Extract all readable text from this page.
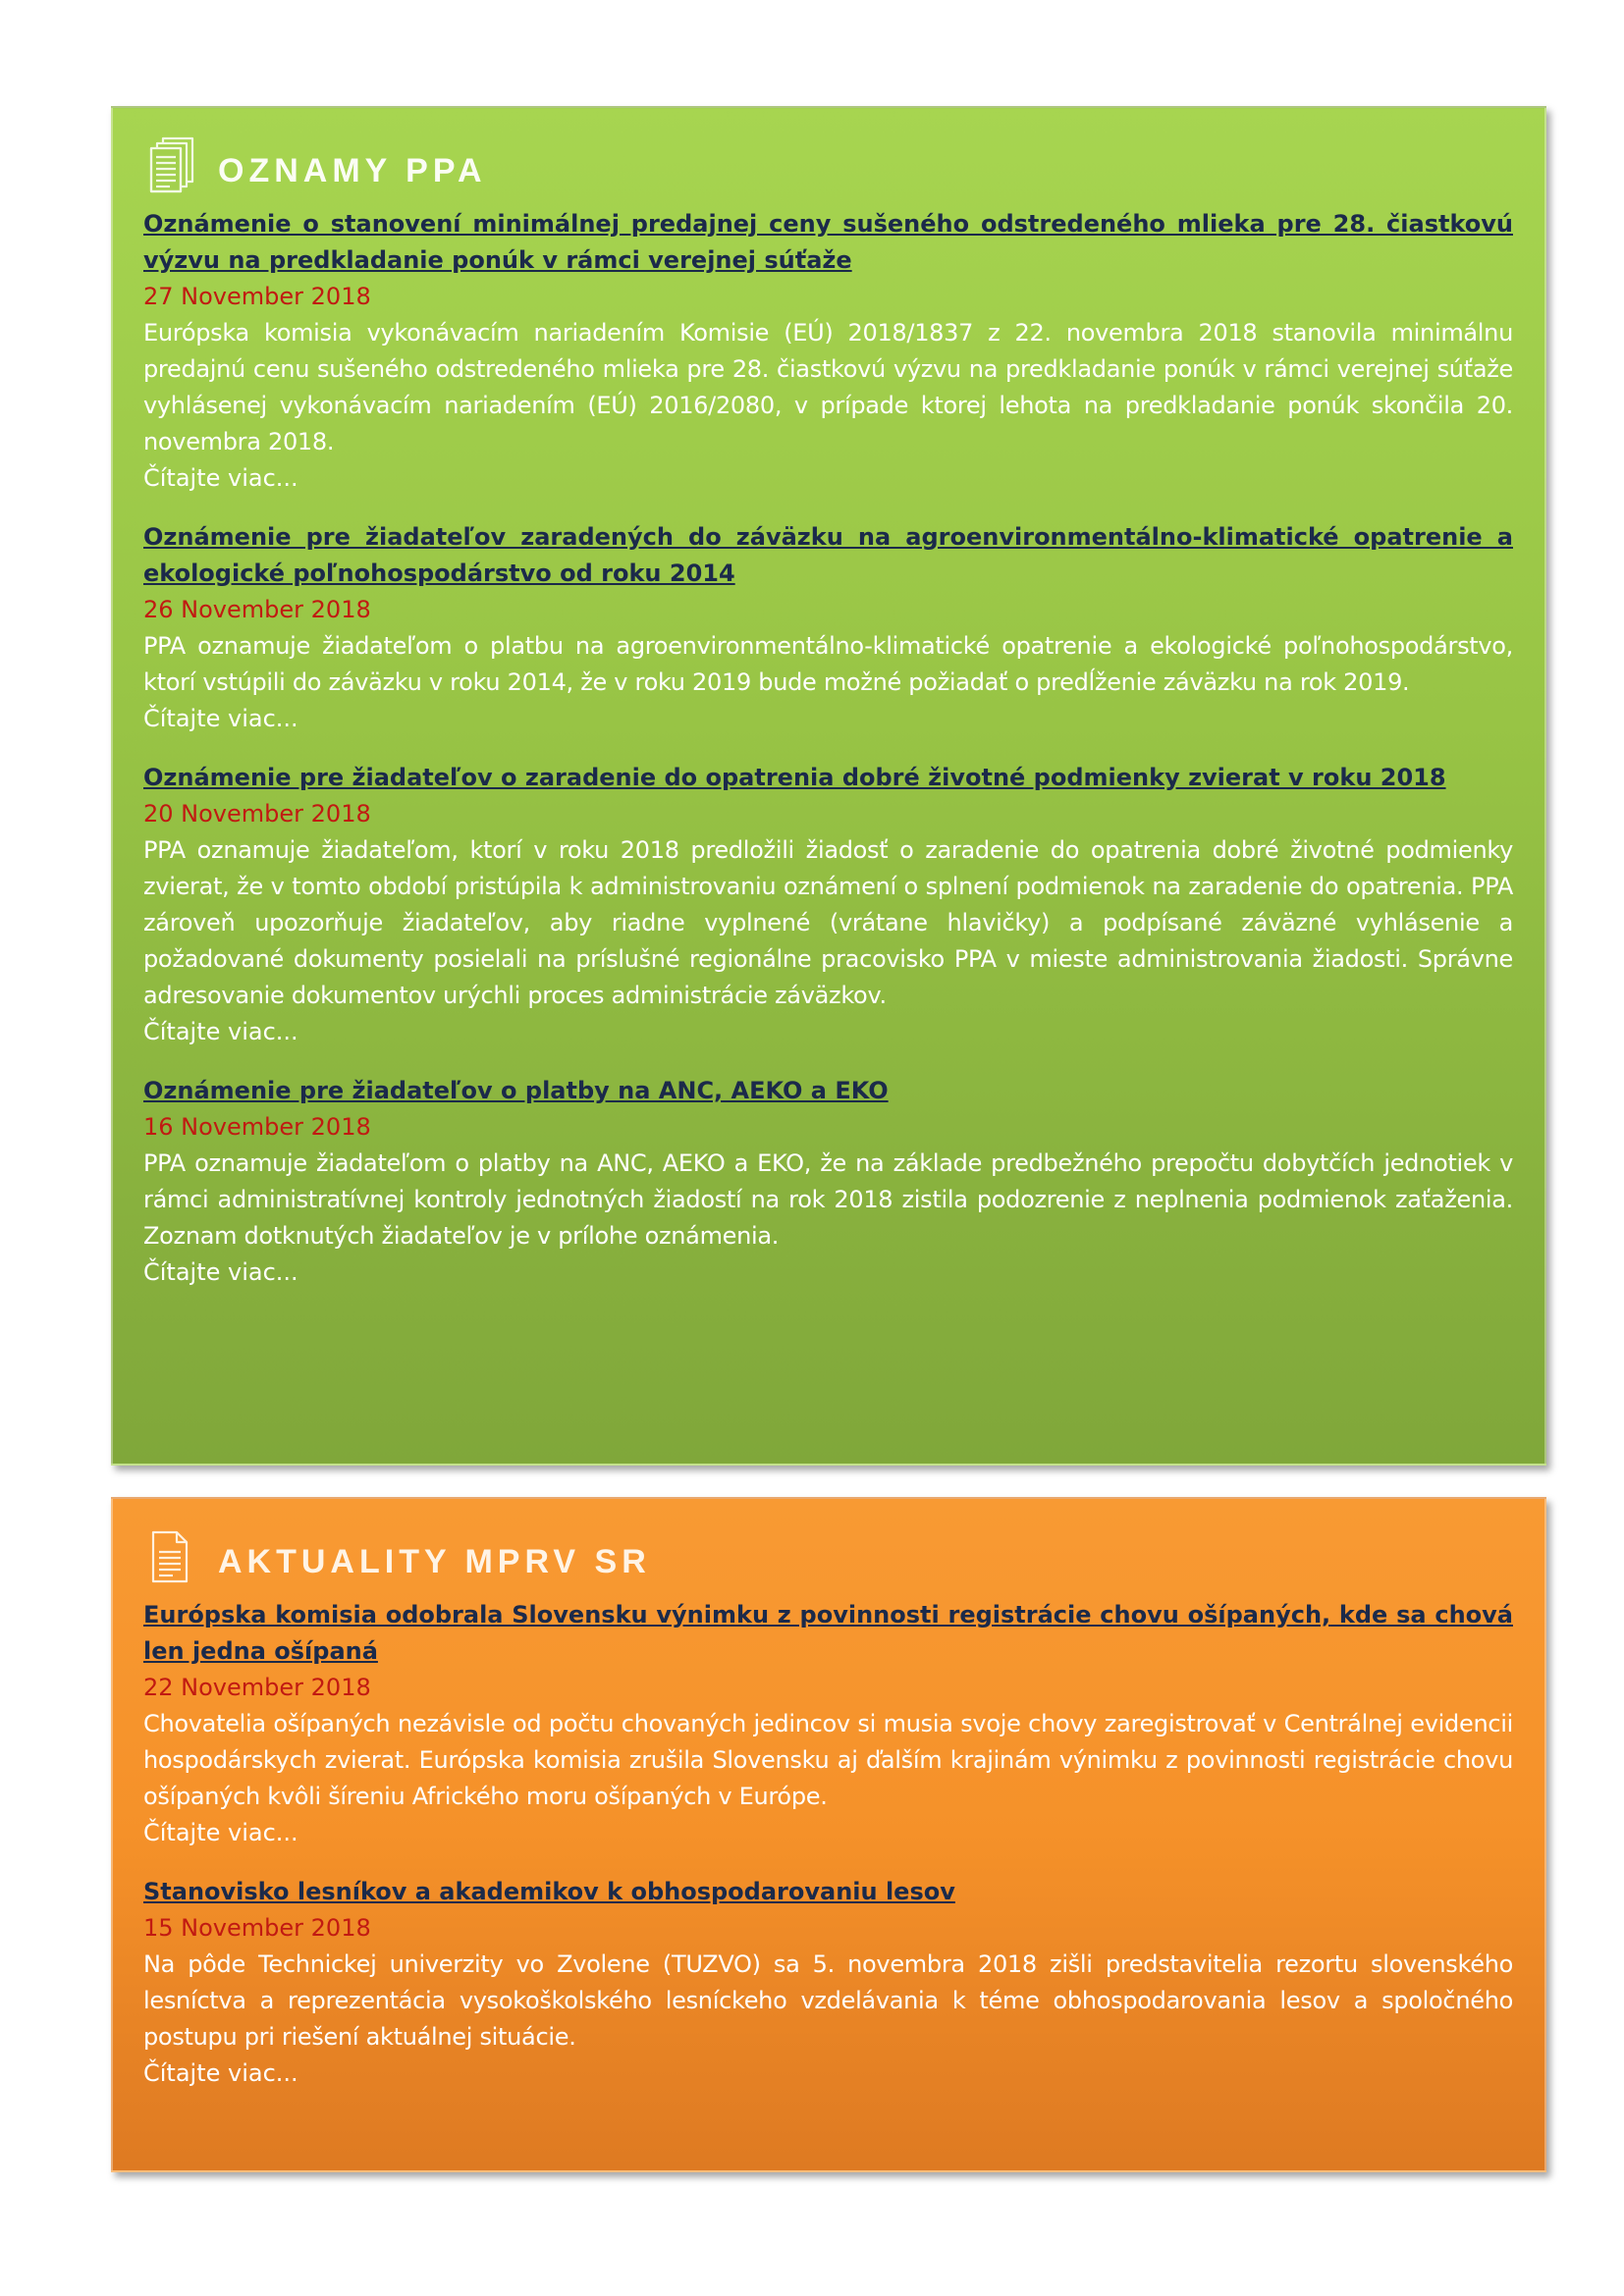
OZNAMY PPA
Oznámenie o stanovení minimálnej predajnej ceny sušeného odstredeného mlieka pre 28. čiastkovú výzvu na predkladanie ponúk v rámci verejnej súťaže
27 November 2018
Európska komisia vykonávacím nariadením Komisie (EÚ) 2018/1837 z 22. novembra 2018 stanovila minimálnu predajnú cenu sušeného odstredeného mlieka pre 28. čiastkovú výzvu na predkladanie ponúk v rámci verejnej súťaže vyhlásenej vykonávacím nariadením (EÚ) 2016/2080, v prípade ktorej lehota na predkladanie ponúk skončila 20. novembra 2018.
Čítajte viac...
Oznámenie pre žiadateľov zaradených do záväzku na agroenvironmentálno-klimatické opatrenie a ekologické poľnohospodárstvo od roku 2014
26 November 2018
PPA oznamuje žiadateľom o platbu na agroenvironmentálno-klimatické opatrenie a ekologické poľnohospodárstvo, ktorí vstúpili do záväzku v roku 2014, že v roku 2019 bude možné požiadať o predĺženie záväzku na rok 2019.
Čítajte viac...
Oznámenie pre žiadateľov o zaradenie do opatrenia dobré životné podmienky zvierat v roku 2018
20 November 2018
PPA oznamuje žiadateľom, ktorí v roku 2018 predložili žiadosť o zaradenie do opatrenia dobré životné podmienky zvierat, že v tomto období pristúpila k administrovaniu oznámení o splnení podmienok na zaradenie do opatrenia. PPA zároveň upozorňuje žiadateľov, aby riadne vyplnené (vrátane hlavičky) a podpísané záväzné vyhlásenie a požadované dokumenty posielali na príslušné regionálne pracovisko PPA v mieste administrovania žiadosti. Správne adresovanie dokumentov urýchli proces administrácie záväzkov.
Čítajte viac...
Oznámenie pre žiadateľov o platby na ANC, AEKO a EKO
16 November 2018
PPA oznamuje žiadateľom o platby na ANC, AEKO a EKO, že na základe predbežného prepočtu dobytčích jednotiek v rámci administratívnej kontroly jednotných žiadostí na rok 2018 zistila podozrenie z neplnenia podmienok zaťaženia. Zoznam dotknutých žiadateľov je v prílohe oznámenia.
Čítajte viac...
AKTUALITY MPRV SR
Európska komisia odobrala Slovensku výnimku z povinnosti registrácie chovu ošípaných, kde sa chová len jedna ošípaná
22 November 2018
Chovatelia ošípaných nezávisle od počtu chovaných jedincov si musia svoje chovy zaregistrovať v Centrálnej evidencii hospodárskych zvierat. Európska komisia zrušila Slovensku aj ďalším krajinám výnimku z povinnosti registrácie chovu ošípaných kvôli šíreniu Afrického moru ošípaných v Európe.
Čítajte viac...
Stanovisko lesníkov a akademikov k obhospodarovaniu lesov
15 November 2018
Na pôde Technickej univerzity vo Zvolene (TUZVO) sa 5. novembra 2018 zišli predstavitelia rezortu slovenského lesníctva a reprezentácia vysokoškolského lesníckeho vzdelávania k téme obhospodarovania lesov a spoločného postupu pri riešení aktuálnej situácie.
Čítajte viac...
